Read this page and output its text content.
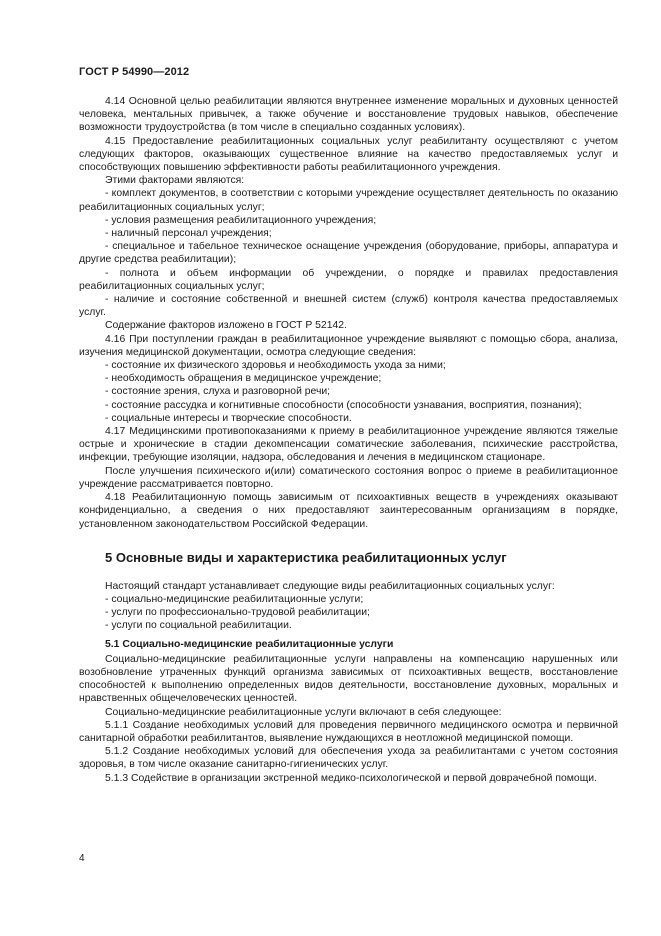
ГОСТ Р 54990—2012

4.14 Основной целью реабилитации являются внутреннее изменение моральных и духовных ценностей человека, ментальных привычек, а также обучение и восстановление трудовых навыков, обеспечение возможности трудоустройства (в том числе в специально созданных условиях).

4.15 Предоставление реабилитационных социальных услуг реабилитанту осуществляют с учетом следующих факторов, оказывающих существенное влияние на качество предоставляемых услуг и способствующих повышению эффективности работы реабилитационного учреждения.

Этими факторами являются:

- комплект документов, в соответствии с которыми учреждение осуществляет деятельность по оказанию реабилитационных социальных услуг;

- условия размещения реабилитационного учреждения;

- наличный персонал учреждения;

- специальное и табельное техническое оснащение учреждения (оборудование, приборы, аппаратура и другие средства реабилитации);

- полнота и объем информации об учреждении, о порядке и правилах предоставления реабилитационных социальных услуг;

- наличие и состояние собственной и внешней систем (служб) контроля качества предоставляемых услуг.

Содержание факторов изложено в ГОСТ Р 52142.

4.16 При поступлении граждан в реабилитационное учреждение выявляют с помощью сбора, анализа, изучения медицинской документации, осмотра следующие сведения:

- состояние их физического здоровья и необходимость ухода за ними;

- необходимость обращения в медицинское учреждение;

- состояние зрения, слуха и разговорной речи;

- состояние рассудка и когнитивные способности (способности узнавания, восприятия, познания);

- социальные интересы и творческие способности.

4.17 Медицинскими противопоказаниями к приему в реабилитационное учреждение являются тяжелые острые и хронические в стадии декомпенсации соматические заболевания, психические расстройства, инфекции, требующие изоляции, надзора, обследования и лечения в медицинском стационаре.

После улучшения психического и(или) соматического состояния вопрос о приеме в реабилитационное учреждение рассматривается повторно.

4.18 Реабилитационную помощь зависимым от психоактивных веществ в учреждениях оказывают конфиденциально, а сведения о них предоставляют заинтересованным организациям в порядке, установленном законодательством Российской Федерации.

5 Основные виды и характеристика реабилитационных услуг

Настоящий стандарт устанавливает следующие виды реабилитационных социальных услуг:

- социально-медицинские реабилитационные услуги;

- услуги по профессионально-трудовой реабилитации;

- услуги по социальной реабилитации.

5.1 Социально-медицинские реабилитационные услуги

Социально-медицинские реабилитационные услуги направлены на компенсацию нарушенных или возобновление утраченных функций организма зависимых от психоактивных веществ, восстановление способностей к выполнению определенных видов деятельности, восстановление духовных, моральных и нравственных общечеловеческих ценностей.

Социально-медицинские реабилитационные услуги включают в себя следующее:

5.1.1 Создание необходимых условий для проведения первичного медицинского осмотра и первичной санитарной обработки реабилитантов, выявление нуждающихся в неотложной медицинской помощи.

5.1.2 Создание необходимых условий для обеспечения ухода за реабилитантами с учетом состояния здоровья, в том числе оказание санитарно-гигиенических услуг.

5.1.3 Содействие в организации экстренной медико-психологической и первой доврачебной помощи.

4
